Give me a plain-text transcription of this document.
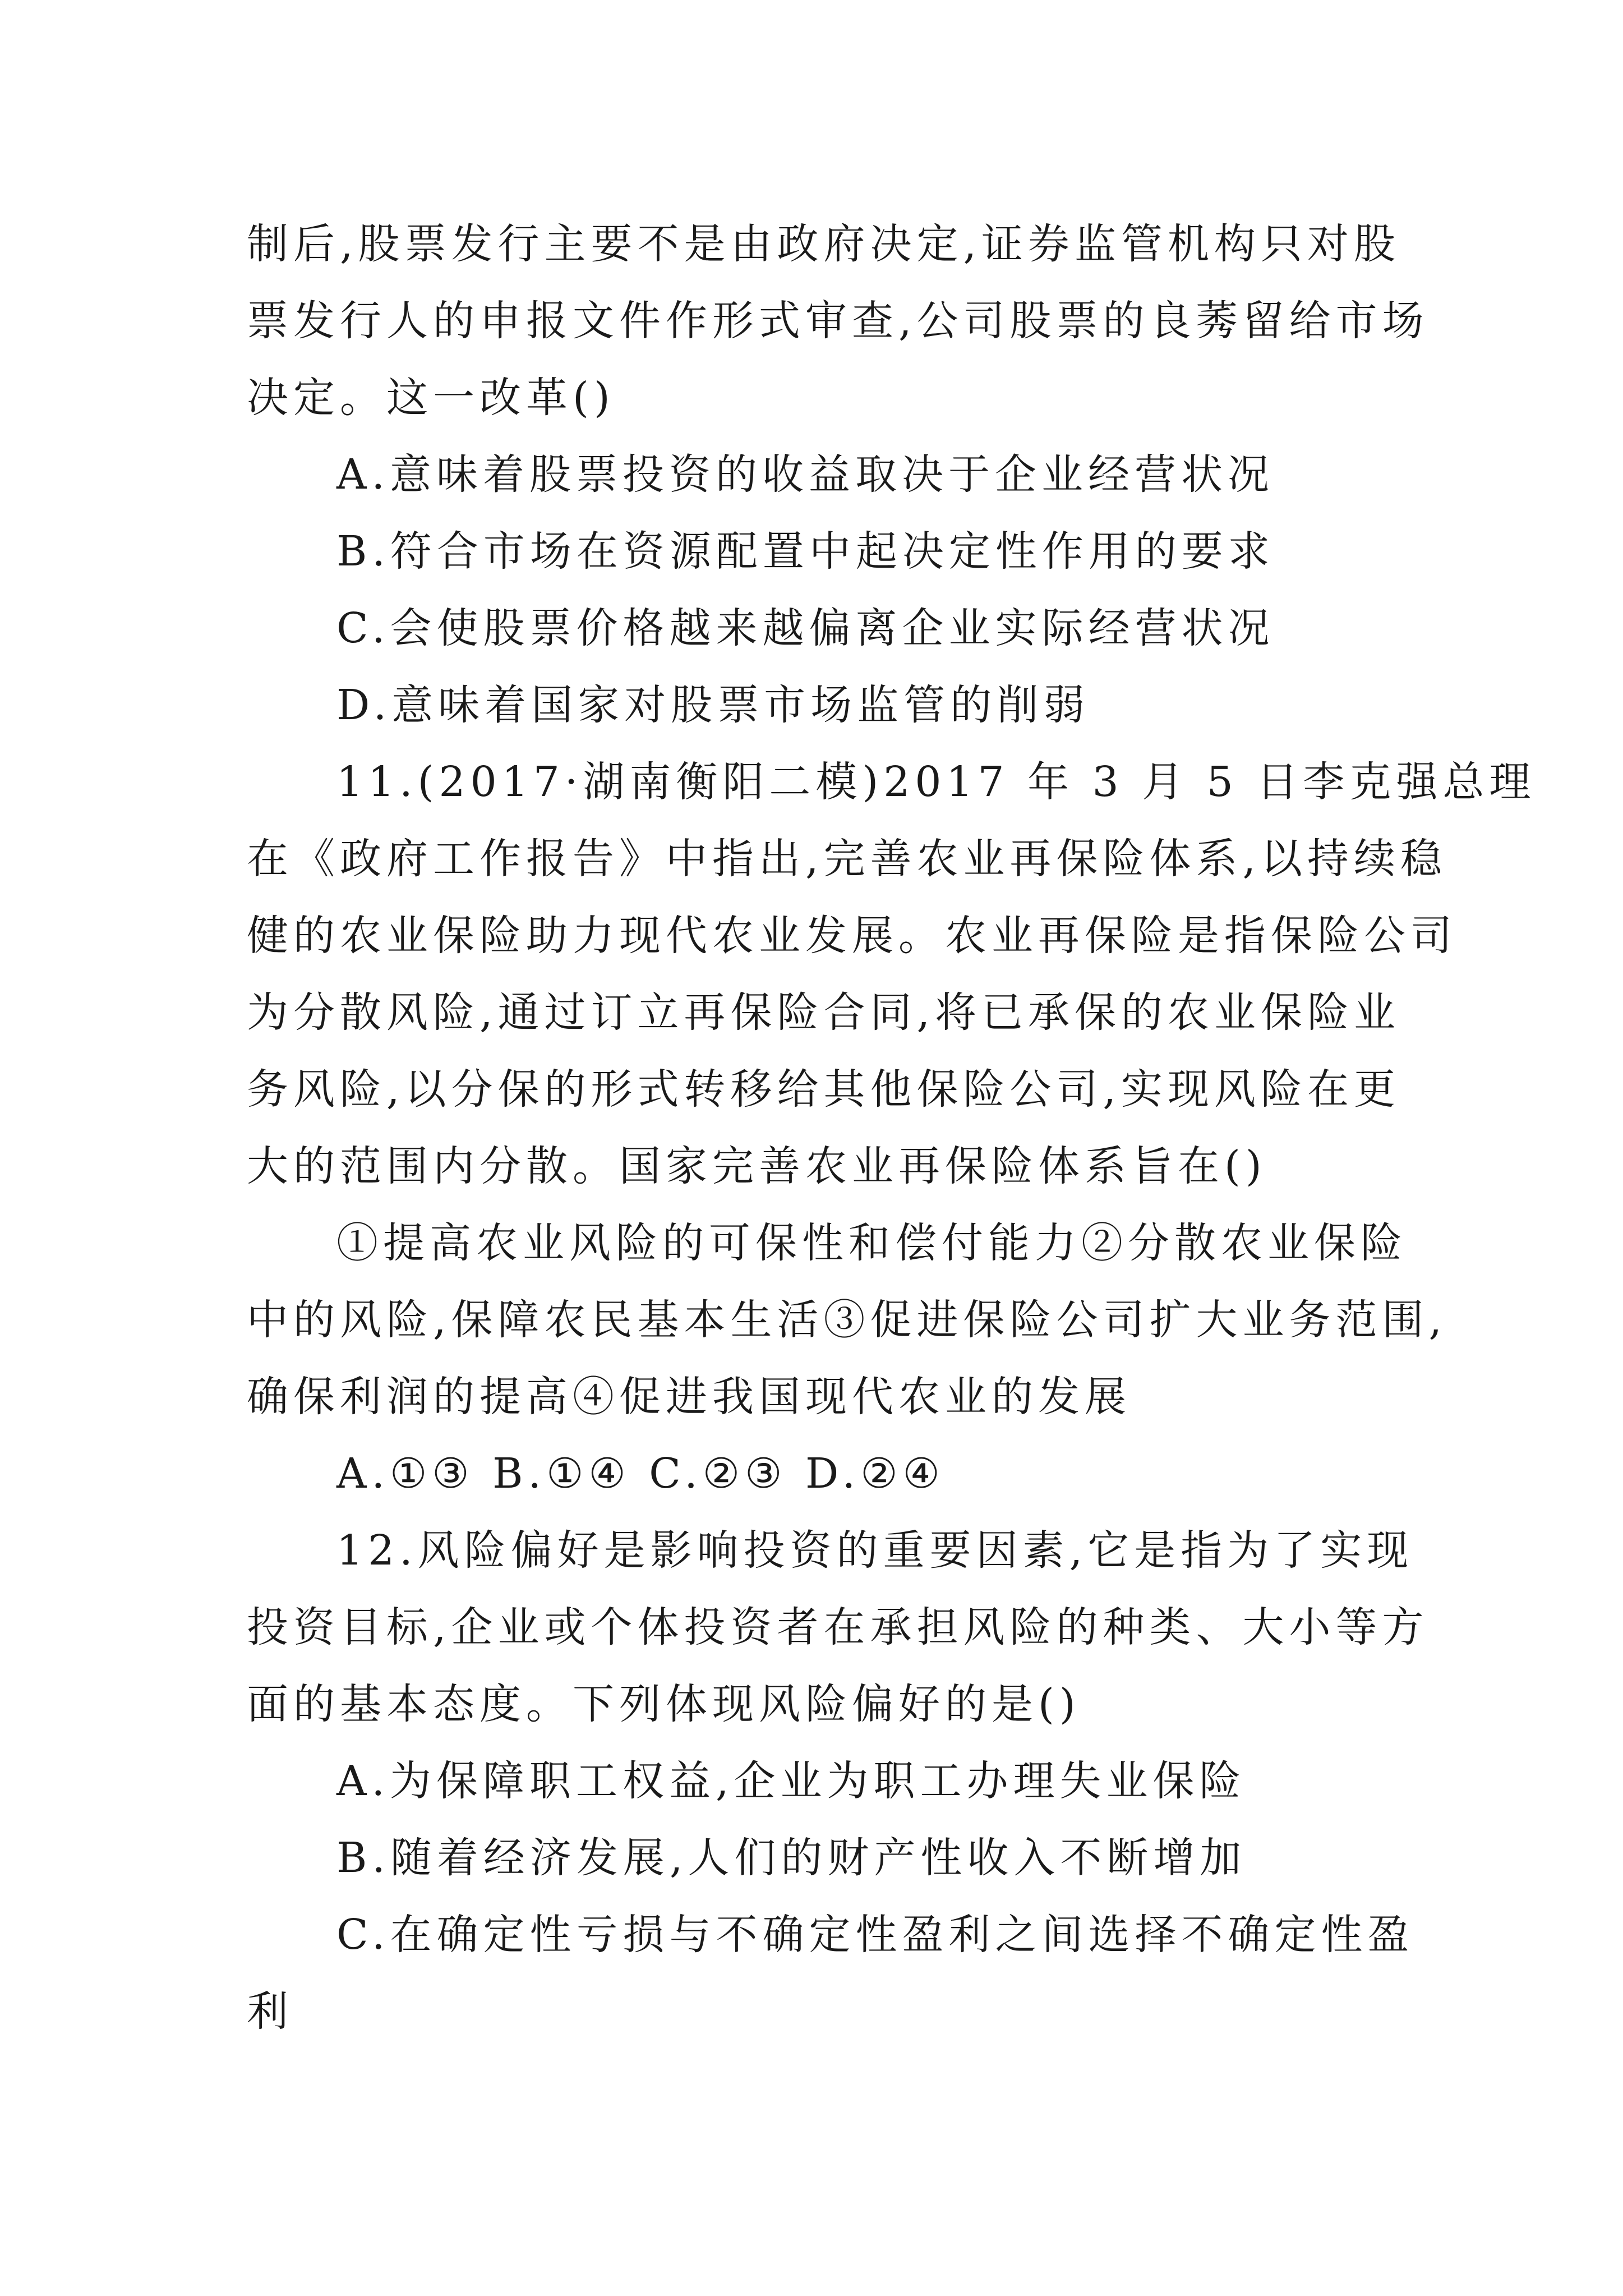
制后,股票发行主要不是由政府决定,证券监管机构只对股
票发行人的申报文件作形式审查,公司股票的良莠留给市场
决定。这一改革()
A.意味着股票投资的收益取决于企业经营状况
B.符合市场在资源配置中起决定性作用的要求
C.会使股票价格越来越偏离企业实际经营状况
D.意味着国家对股票市场监管的削弱
11.(2017·湖南衡阳二模)2017 年 3 月 5 日李克强总理
在《政府工作报告》中指出,完善农业再保险体系,以持续稳
健的农业保险助力现代农业发展。农业再保险是指保险公司
为分散风险,通过订立再保险合同,将已承保的农业保险业
务风险,以分保的形式转移给其他保险公司,实现风险在更
大的范围内分散。国家完善农业再保险体系旨在()
①提高农业风险的可保性和偿付能力②分散农业保险
中的风险,保障农民基本生活③促进保险公司扩大业务范围,
确保利润的提高④促进我国现代农业的发展
A.①③ B.①④ C.②③ D.②④
12.风险偏好是影响投资的重要因素,它是指为了实现
投资目标,企业或个体投资者在承担风险的种类、大小等方
面的基本态度。下列体现风险偏好的是()
A.为保障职工权益,企业为职工办理失业保险
B.随着经济发展,人们的财产性收入不断增加
C.在确定性亏损与不确定性盈利之间选择不确定性盈
利
